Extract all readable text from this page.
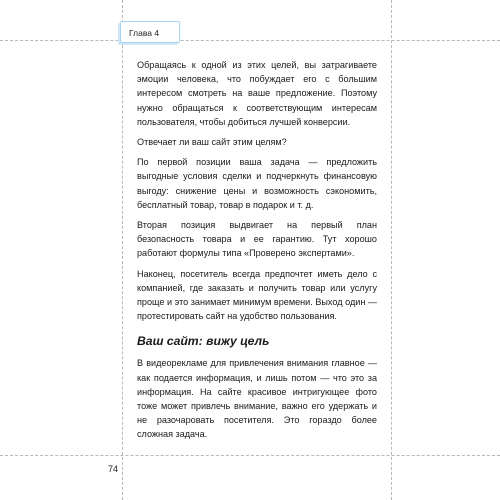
Глава 4

Обращаясь к одной из этих целей, вы затрагиваете эмоции человека, что побуждает его с большим интересом смотреть на ваше предложение. Поэтому нужно обращаться к соответствующим интересам пользователя, чтобы добиться лучшей конверсии.

Отвечает ли ваш сайт этим целям?

По первой позиции ваша задача — предложить выгодные условия сделки и подчеркнуть финансовую выгоду: снижение цены и возможность сэкономить, бесплатный товар, товар в подарок и т. д.

Вторая позиция выдвигает на первый план безопасность товара и ее гарантию. Тут хорошо работают формулы типа «Проверено экспертами».

Наконец, посетитель всегда предпочтет иметь дело с компанией, где заказать и получить товар или услугу проще и это занимает минимум времени. Выход один — протестировать сайт на удобство пользования.

Ваш сайт: вижу цель

В видеорекламе для привлечения внимания главное — как подается информация, и лишь потом — что это за информация. На сайте красивое интригующее фото тоже может привлечь внимание, важно его удержать и не разочаровать посетителя. Это гораздо более сложная задача.

74
